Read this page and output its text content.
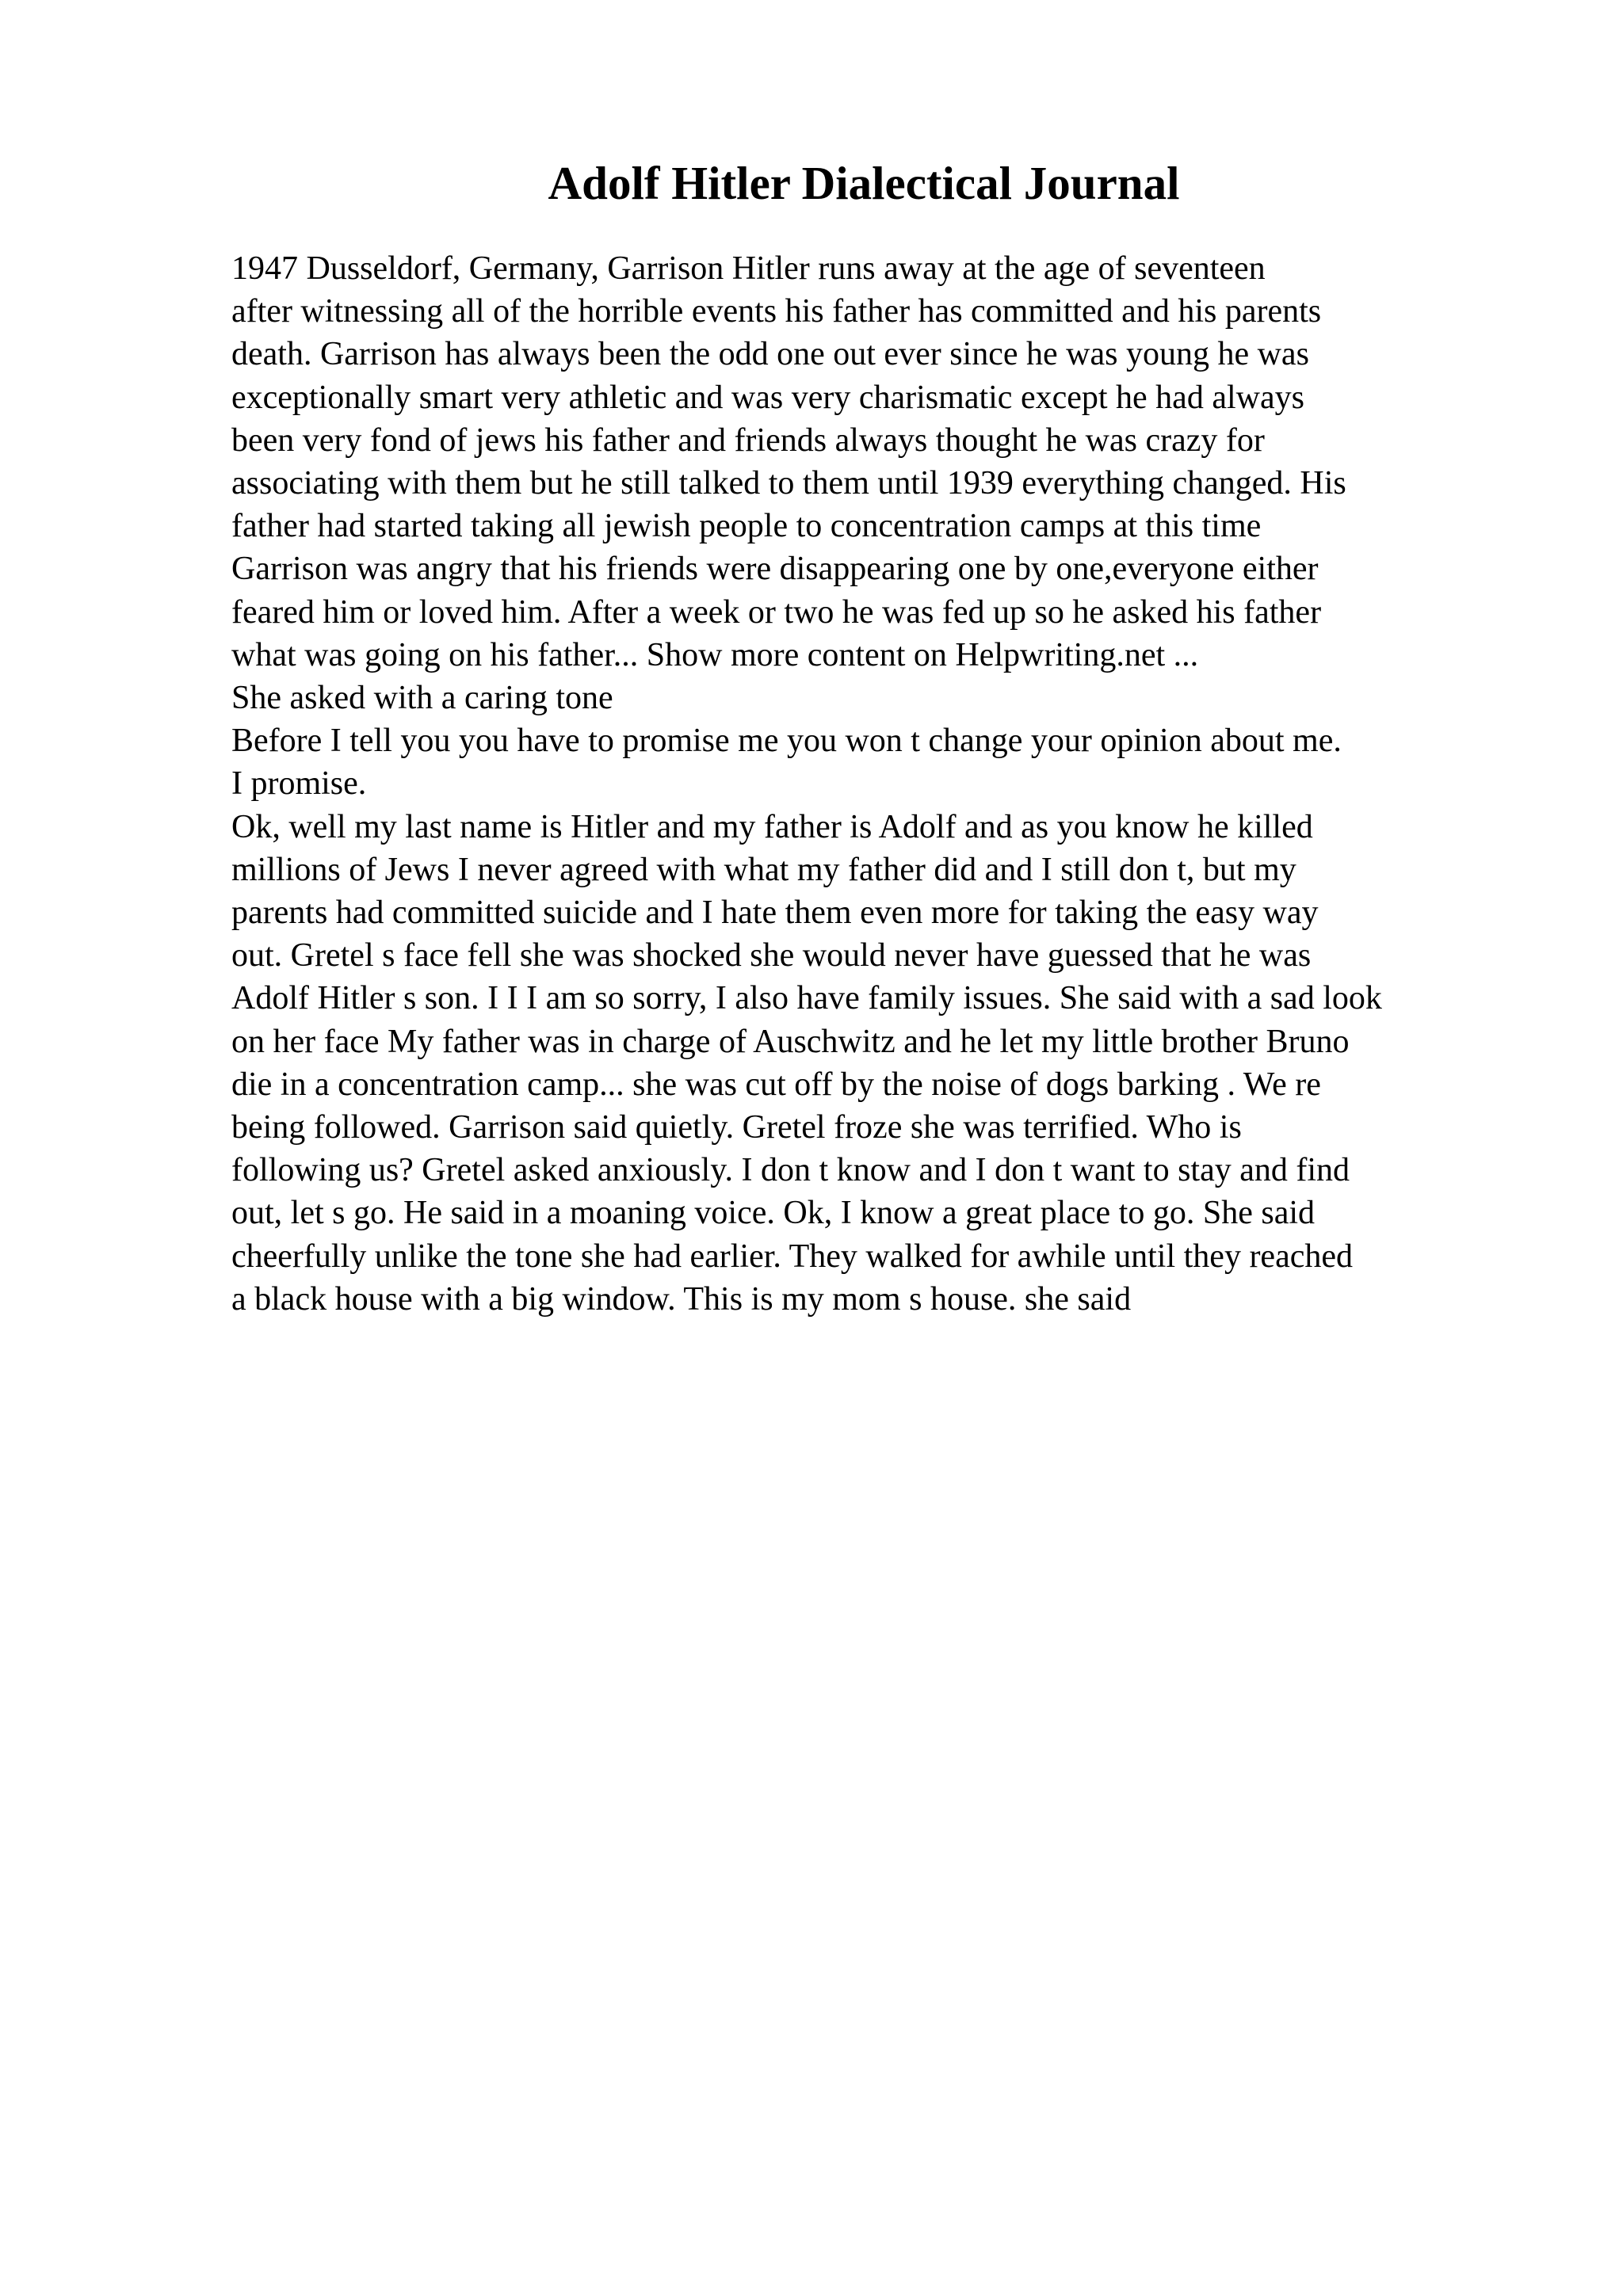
Adolf Hitler Dialectical Journal
1947 Dusseldorf, Germany, Garrison Hitler runs away at the age of seventeen
after witnessing all of the horrible events his father has committed and his parents
death. Garrison has always been the odd one out ever since he was young he was
exceptionally smart very athletic and was very charismatic except he had always
been very fond of jews his father and friends always thought he was crazy for
associating with them but he still talked to them until 1939 everything changed. His
father had started taking all jewish people to concentration camps at this time
Garrison was angry that his friends were disappearing one by one,everyone either
feared him or loved him. After a week or two he was fed up so he asked his father
what was going on his father... Show more content on Helpwriting.net ...
She asked with a caring tone
Before I tell you you have to promise me you won t change your opinion about me.
I promise.
Ok, well my last name is Hitler and my father is Adolf and as you know he killed
millions of Jews I never agreed with what my father did and I still don t, but my
parents had committed suicide and I hate them even more for taking the easy way
out. Gretel s face fell she was shocked she would never have guessed that he was
Adolf Hitler s son. I I I am so sorry, I also have family issues. She said with a sad look
on her face My father was in charge of Auschwitz and he let my little brother Bruno
die in a concentration camp... she was cut off by the noise of dogs barking . We re
being followed. Garrison said quietly. Gretel froze she was terrified. Who is
following us? Gretel asked anxiously. I don t know and I don t want to stay and find
out, let s go. He said in a moaning voice. Ok, I know a great place to go. She said
cheerfully unlike the tone she had earlier. They walked for awhile until they reached
a black house with a big window. This is my mom s house. she said
